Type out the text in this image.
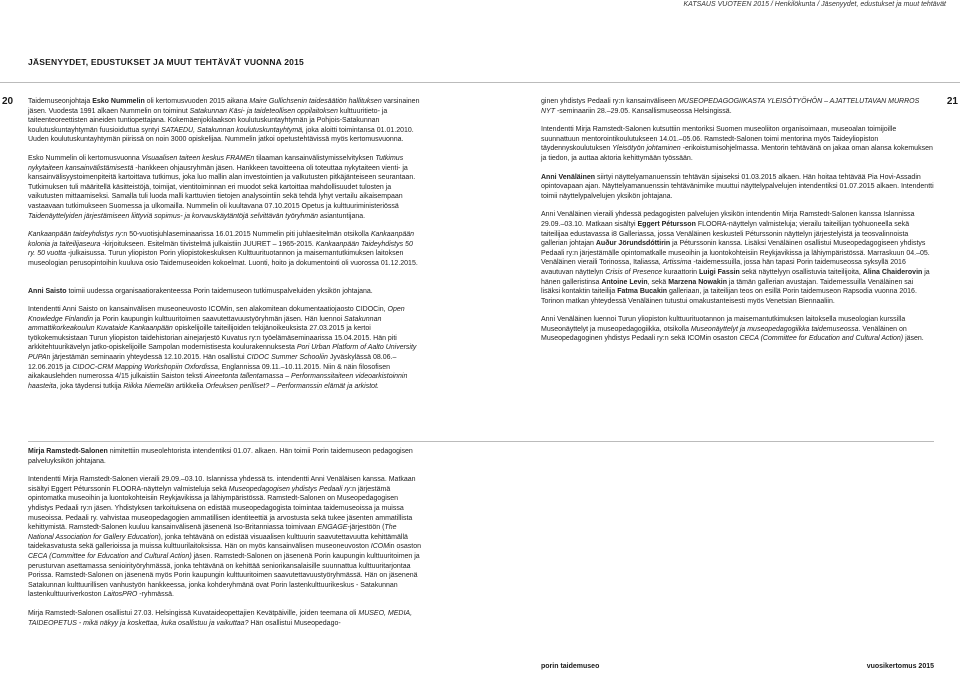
KATSAUS VUOTEEN 2015 / Henkilökunta / Jäsenyydet, edustukset ja muut tehtävät
JÄSENYYDET, EDUSTUKSET JA MUUT TEHTÄVÄT VUONNA 2015
20	21

Taidemuseonjohtaja Esko Nummelin oli kertomusvuoden 2015 aikana Maire Gullichsenin taidesäätiön hallituksen varsinainen jäsen. Vuodesta 1991 alkaen Nummelin on toiminut Satakunnan Käsi- ja taideteollisen oppilaitoksen kulttuuritieto- ja taiteenteoreettisten aineiden tuntiopettajana. Kokemäenjokilaakson koulutuskuntayhtymän ja Pohjois-Satakunnan koulutuskuntayhtymän fuusioiduttua syntyi SATAEDU, Satakunnan koulutuskuntayhtymä, joka aloitti toimintansa 01.01.2010. Uuden koulutuskuntayhtymän piirissä on noin 3000 opiskelijaa. Nummelin jatkoi opetustehtävissä myös kertomusvuonna.

Esko Nummelin oli kertomusvuonna Visuaalisen taiteen keskus FRAMEn tilaaman kansainvälistymisselvityksen Tutkimus nykytaiteen kansainvälistämisestä -hankkeen ohjausryhmän jäsen. Hankkeen tavoitteena oli toteuttaa nykytaiteen vienti- ja kansainvälisyystoimenpiteitä kartoittava tutkimus, joka luo mallin alan investointien ja valkutusten pitkäjänteiseen seurantaan. Tutkimuksen tuli määritellä käsitteistöjä, toimijat, vientitoiminnan eri muodot sekä kartoittaa mahdollisuudet tulosten ja vaikutusten mittaamiseksi. Samalla tuli luoda malli karttuvien tietojen analysointiin sekä tehdä lyhyt vertailu aikaisempaan vastaavaan tutkimukseen Suomessa ja ulkomailla. Nummelin oli kuultavana 07.10.2015 Opetus ja kulttuuriministeriössä Taidenäyttelyiden järjestämiseen liittyviä sopimus- ja korvauskäytäntöjä selvittävän työryhmän asiantuntijana.

Kankaanpään taideyhdistys ry:n 50-vuotisjuhlaseminaarissa 16.01.2015 Nummelin piti juhlaesitelmän otsikolla Kankaanpään kolonia ja taiteilijaseura -kirjoitukseen. Esitelmän tiivistelmä julkaistiin JUURET – 1965-2015. Kankaanpään Taideyhdistys 50 ry. 50 vuotta -julkaisussa. Turun yliopiston Porin yliopistokeskuksen Kulttuurituotannon ja maisemantutkimuksen laitoksen museologian perusopintoihin kuuluva osio Taidemuseoiden kokoelmat. Luonti, hoito ja dokumentointi oli vuorossa 01.12.2015.

Anni Saisto toimii uudessa organisaatiorakenteessa Porin taidemuseon tutkimuspalveluiden yksikön johtajana.

Intendentti Anni Saisto on kansainvälisen museoneuvosto ICOMin, sen alakomitean dokumentaatiojaosto CIDOCin, Open Knowledge Finlandin ja Porin kaupungin kulttuuritoimen saavutettavuustyöryhmän jäsen. Hän luennoi Satakunnan ammattikorkeakoulun Kuvataide Kankaanpään opiskelijoille taiteilijoiden tekijänoikeuksista 27.03.2015 ja kertoi työkokemuksistaan Turun yliopiston taidehistorian ainejarjestö Kuvatus ry:n työelämäseminaarissa 15.04.2015. Hän piti arkkitehtuurikävelyn jatko-opiskelijoille Sampolan modernistisesta koulurakennuksesta Pori Urban Platform of Aalto University PUPAn järjestämän seminaarin yhteydessä 12.10.2015. Hän osallistui CIDOC Summer Schooliin Jyväskylässä 08.06.–12.06.2015 ja CIDOC-CRM Mapping Workshopiin Oxfordissa, Englannissa 09.11.–10.11.2015. Niin & näin filosofisen aikakauslehden numerossa 4/15 julkaistiin Saiston teksti Aineetonta tallentamassa – Performanssitaiteen videoarkistoinnin haasteita, joka täydensi tutkija Riikka Niemelän artikkelia Orfeuksen perilliset? – Performanssin elämät ja arkistot.

ginen yhdistys Pedaali ry:n kansainväliseen MUSEOPEDAGOGIIKASTA YLEISÖTYÖHÖN – AJATTELUTAVAN MURROS NYT -seminaariin 28.–29.05. Kansallismuseossa Helsingissä.

Intendentti Mirja Ramstedt-Salonen kutsuttiin mentoriksi Suomen museoliiton organisoimaan, museoalan toimijoille suunnattuun mentorointikoulutukseen 14.01.–05.06. Ramstedt-Salonen toimi mentorina myös Taideyliopiston täydennyskoulutuksen Yleisötyön johtaminen -erikoistumisohjelmassa. Mentorin tehtävänä on jakaa oman alansa kokemuksen ja tiedon, ja auttaa aktoria kehittymään työssään.

Anni Venäläinen siirtyi näyttelyamanuenssin tehtävän sijaiseksi 01.03.2015 alkaen. Hän hoitaa tehtävää Pia Hovi-Assadin opintovapaan ajan. Näyttelyamanuenssin tehtävänimike muuttui näyttelypalvelujen intendentiksi 01.07.2015 alkaen. Intendentti toimii näyttelypalvelujen yksikön johtajana.

Anni Venäläinen vieraili yhdessä pedagogisten palvelujen yksikön intendentin Mirja Ramstedt-Salonen kanssa Islannissa 29.09.–03.10. Matkaan sisältyi Eggert Pétursson FLOORA-näyttelyn valmisteluja; vierailu taiteilijan työhuoneella sekä taiteilijaa edustavassa i8 Galleriassa, jossa Venäläinen keskusteli Péturssonin näyttelyn järjestelyistä ja teosvalinnoista gallerian johtajan Auður Jörundsdóttirin ja Péturssonin kanssa. Lisäksi Venäläinen osallistui Museopedagogiseen yhdistys Pedaali ry:n järjestämälle opintomatkalle museoihin ja luontokohteisiin Reykjavikissa ja lähiympäristössä. Marraskuun 04.–05. Venäläinen vieraili Torinossa, Italiassa, Artissima -taidemessuilla, jossa hän tapasi Porin taidemuseossa syksyllä 2016 avautuvan näyttelyn Crisis of Presence kuraattorin Luigi Fassin sekä näyttelyyn osallistuvia taiteilijoita, Alina Chaiderovin ja hänen galleristinsa Antoine Levin, sekä Marzena Nowakin ja tämän gallerian avustajan. Taidemessuilla Venäläinen sai lisäksi kontaktin taiteilija Fatma Bucakin galleriaan, ja taiteilijan teos on esillä Porin taidemuseon Rapsodia vuonna 2016. Torinon matkan yhteydessä Venäläinen tutustui omakustanteisesti myös Venetsian Biennaaliin.

Anni Venäläinen luennoi Turun yliopiston kulttuurituotannon ja maisemantutkimuksen laitoksella museologian kurssilla Museonäyttelyt ja museopedagogiikka, otsikolla Museonäyttelyt ja museopedagogiikka taidemuseossa. Venäläinen on Museopedagoginen yhdistys Pedaali ry:n sekä ICOMin osaston CECA (Committee for Education and Cultural Action) jäsen.

Mirja Ramstedt-Salonen nimitettiin museolehtorista intendentiksi 01.07. alkaen. Hän toimii Porin taidemuseon pedagogisen palveluyksikön johtajana.

Intendentti Mirja Ramstedt-Salonen vieraili 29.09.–03.10. Islannissa yhdessä ts. intendentti Anni Venäläisen kanssa. Matkaan sisältyi Eggert Péturssonin FLOORA-näyttelyn valmisteluja sekä Museopedagogisen yhdistys Pedaali ry:n järjestämä opintomatka museoihin ja luontokohteisiin Reykjavikissa ja lähiympäristössä. Ramstedt-Salonen on Museopedagogisen yhdistys Pedaali ry:n jäsen. Yhdistyksen tarkoituksena on edistää museopedagogista toimintaa taidemuseoissa ja muissa museoissa. Pedaali ry. vahvistaa museopedagogien ammatillisen identiteettiä ja arvostusta sekä tukee jäsenten ammatillista kehittymistä. Ramstedt-Salonen kuuluu kansainvälisenä jäsenenä Iso-Britanniassa toimivaan ENGAGE-järjestöön (The National Association for Gallery Education), jonka tehtävänä on edistää visuaalisen kulttuurin saavutettavuutta kehittämällä taidekasvatusta sekä gallerioissa ja muissa kulttuurilaitoksissa. Hän on myös kansainvälisen museoneuvoston ICOMin osaston CECA (Committee for Education and Cultural Action) jäsen. Ramstedt-Salonen on jäsenenä Porin kaupungin kulttuuritoimen ja perusturvan asettamassa senioirityöryhmässä, jonka tehtävänä on kehittää seniorikansalaisille suunnattua kulttuuritarjontaa Porissa. Ramstedt-Salonen on jäsenenä myös Porin kaupungin kulttuuritoimen saavutettavuustyöryhmässä. Hän on jäsenenä Satakunnan kulttuurillisen vanhustyön hankkeessa, jonka kohderyhmänä ovat Porin lastenkulttuurikeskus - Satakunnan lastenkulttuuriverkoston LaitosPRO -ryhmässä.

Mirja Ramstedt-Salonen osallistui 27.03. Helsingissä Kuvataideopettajien Kevätpäiville, joiden teemana oli MUSEO, MEDIA, TAIDEOPETUS - mikä näkyy ja koskettaa, kuka osallistuu ja vaikuttaa? Hän osallistui Museopedago-

porin taidemuseo	vuosikertomus 2015
